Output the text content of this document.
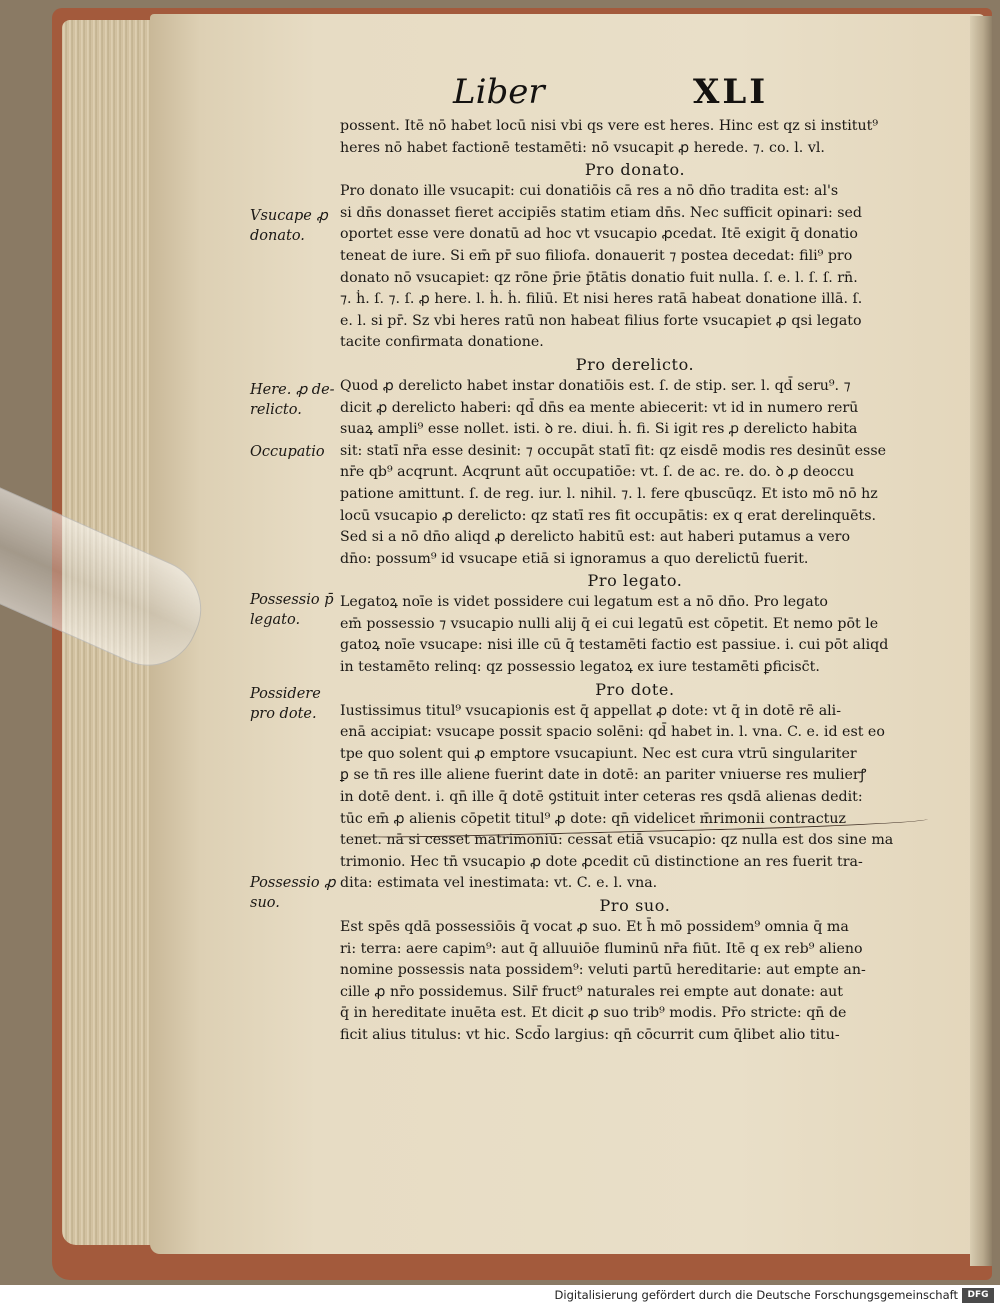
Liber	XLI
possent. Itē nō habet locū nisi vbi qs vere est heres. Hinc est qz si institut⁹
heres nō habet factionē testamēti: nō vsucapit ꝓ herede. ⁊. co. l. vl.
Pro donato.
Pro donato ille vsucapit: cui donatiōis cā res a nō dn̄o tradita est: al's
si dn̄s donasset fieret accipiēs statim etiam dn̄s. Nec sufficit opinari: sed
oportet esse vere donatū ad hoc vt vsucapio ꝓcedat. Itē exigit q̄ donatio
teneat de iure. Si em̄ pr̄ suo filiofa. donauerit ⁊ postea decedat: fili⁹ pro
donato nō vsucapiet: qz rōne p̄rie p̄tātis donatio fuit nulla. ſ. e. l. ſ. ſ. rn̄.
⁊. ḣ. ſ. ⁊. ſ. ꝓ here. l. ḣ. ḣ. filiū. Et nisi heres ratā habeat donatione illā. ſ.
e. l. si pr̄. Sz vbi heres ratū non habeat filius forte vsucapiet ꝓ qsi legato
tacite confirmata donatione.
Pro derelicto.
Quod ꝓ derelicto habet instar donatiōis est. ſ. de stip. ser. l. qd̄ seru⁹. ⁊
dicit ꝓ derelicto haberi: qd̄ dn̄s ea mente abiecerit: vt id in numero rerū
suaꝝ ampli⁹ esse nollet. isti. ꝺ re. diui. ḣ. fi. Si igit res ꝓ derelicto habita
sit: statī nr̄a esse desinit: ⁊ occupāt statī fit: qz eisdē modis res desinūt esse
nr̄e qb⁹ acqrunt. Acqrunt aūt occupatiōe: vt. ſ. de ac. re. do. ꝺ ꝓ deoccu
patione amittunt. ſ. de reg. iur. l. nihil. ⁊. l. fere qbuscūqz. Et isto mō nō hz
locū vsucapio ꝓ derelicto: qz statī res fit occupātis: ex q erat derelinquēts.
Sed si a nō dn̄o aliqd ꝓ derelicto habitū est: aut haberi putamus a vero
dn̄o: possum⁹ id vsucape etiā si ignoramus a quo derelictū fuerit.
Pro legato.
Legatoꝝ noīe is videt possidere cui legatum est a nō dn̄o. Pro legato
em̄ possessio ⁊ vsucapio nulli alij q̄ ei cui legatū est cōpetit. Et nemo pōt le
gatoꝝ noīe vsucape: nisi ille cū q̄ testamēti factio est passiue. i. cui pōt aliqd
in testamēto relinq: qz possessio legatoꝝ ex iure testamēti ꝑficisc̄t.
Pro dote.
Iustissimus titul⁹ vsucapionis est q̄ appellat ꝓ dote: vt q̄ in dotē rē ali-
enā accipiat: vsucape possit spacio solēni: qd̄ habet in. l. vna. C. e. id est eo
tpe quo solent qui ꝓ emptore vsucapiunt. Nec est cura vtrū singulariter
ꝑ se tn̄ res ille aliene fuerint date in dotē: an pariter vniuerse res mulierꝭ
in dotē dent. i. qn̄ ille q̄ dotē ꝯstituit inter ceteras res qsdā alienas dedit:
tūc em̄ ꝓ alienis cōpetit titul⁹ ꝓ dote: qn̄ videlicet m̄rimonii contractuz
tenet. nā si cesset matrimoniū: cessat etiā vsucapio: qz nulla est dos sine ma
trimonio. Hec tn̄ vsucapio ꝓ dote ꝓcedit cū distinctione an res fuerit tra-
dita: estimata vel inestimata: vt. C. e. l. vna.
Pro suo.
Est spēs qdā possessiōis q̄ vocat ꝓ suo. Et h̄ mō possidem⁹ omnia q̄ ma
ri: terra: aere capim⁹: aut q̄ alluuiōe fluminū nr̄a fiūt. Itē q ex reb⁹ alieno
nomine possessis nata possidem⁹: veluti partū hereditarie: aut empte an-
cille ꝓ nr̄o possidemus. Silr̄ fruct⁹ naturales rei empte aut donate: aut
q̄ in hereditate inuēta est. Et dicit ꝓ suo trib⁹ modis. Pr̄o stricte: qn̄ de
ficit alius titulus: vt hic. Scd̄o largius: qn̄ cōcurrit cum q̄libet alio titu-
Vsucape ꝓ
donato.
Here. ꝓ de-
relicto.
Occupatio
Possessio p̄
legato.
Possidere
pro dote.
Possessio ꝓ
suo.
Digitalisierung gefördert durch die Deutsche Forschungsgemeinschaft	DFG
